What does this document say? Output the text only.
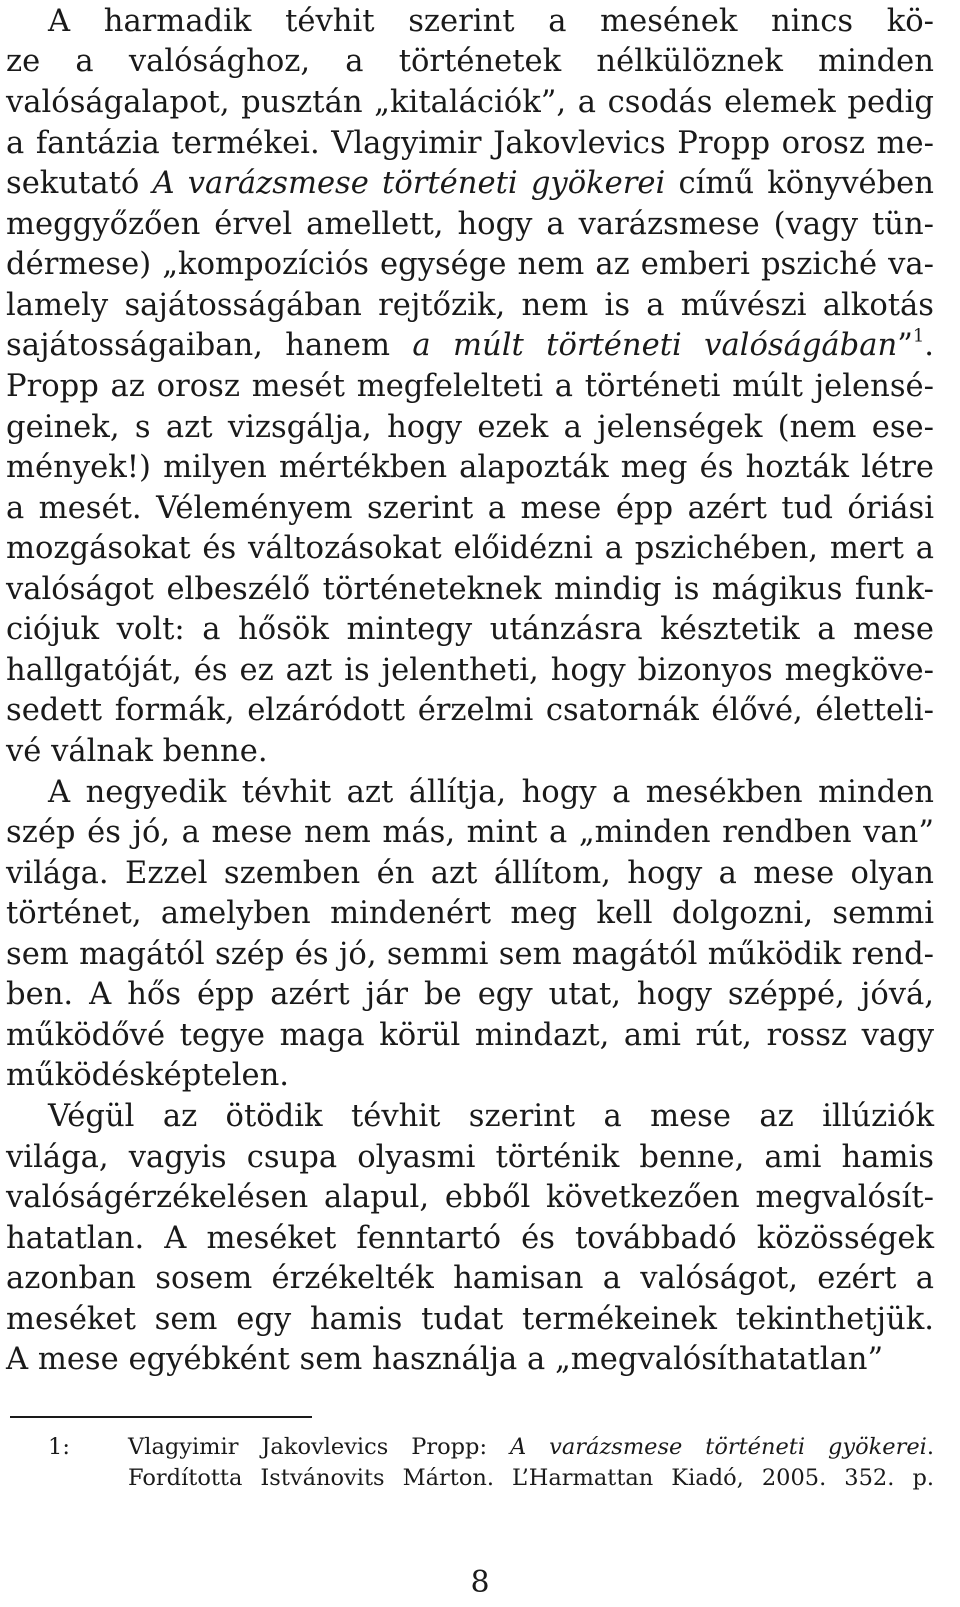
A harmadik tévhit szerint a mesének nincs kö-

ze a valósághoz, a történetek nélkülöznek minden

valóságalapot, pusztán „kitalációk”, a csodás elemek pedig

a fantázia termékei. Vlagyimir Jakovlevics Propp orosz me-

sekutató A varázsmese történeti gyökerei című könyvében

meggyőzően érvel amellett, hogy a varázsmese (vagy tün-

dérmese) „kompozíciós egysége nem az emberi psziché va-

lamely sajátosságában rejtőzik, nem is a művészi alkotás

sajátosságaiban, hanem a múlt történeti valóságában”$^1$.

Propp az orosz mesét megfelelteti a történeti múlt jelensé-

geinek, s azt vizsgálja, hogy ezek a jelenségek (nem ese-

mények!) milyen mértékben alapozták meg és hozták létre

a mesét. Véleményem szerint a mese épp azért tud óriási

mozgásokat és változásokat előidézni a pszichében, mert a

valóságot elbeszélő történeteknek mindig is mágikus funk-

ciójuk volt: a hősök mintegy utánzásra késztetik a mese

hallgatóját, és ez azt is jelentheti, hogy bizonyos megköve-

sedett formák, elzáródott érzelmi csatornák élővé, életteli-

vé válnak benne.

A negyedik tévhit azt állítja, hogy a mesékben minden

szép és jó, a mese nem más, mint a „minden rendben van”

világa. Ezzel szemben én azt állítom, hogy a mese olyan

történet, amelyben mindenért meg kell dolgozni, semmi

sem magától szép és jó, semmi sem magától működik rend-

ben. A hős épp azért jár be egy utat, hogy széppé, jóvá,

működővé tegye maga körül mindazt, ami rút, rossz vagy

működésképtelen.

Végül az ötödik tévhit szerint a mese az illúziók

világa, vagyis csupa olyasmi történik benne, ami hamis

valóságérzékelésen alapul, ebből következően megvalósít-

hatatlan. A meséket fenntartó és továbbadó közösségek

azonban sosem érzékelték hamisan a valóságot, ezért a

meséket sem egy hamis tudat termékeinek tekinthetjük.

A mese egyébként sem használja a „megvalósíthatatlan”

1:	Vlagyimir Jakovlevics Propp: A varázsmese történeti gyökerei.

Fordította Istvánovits Márton. L’Harmattan Kiadó, 2005. 352. p.

8
